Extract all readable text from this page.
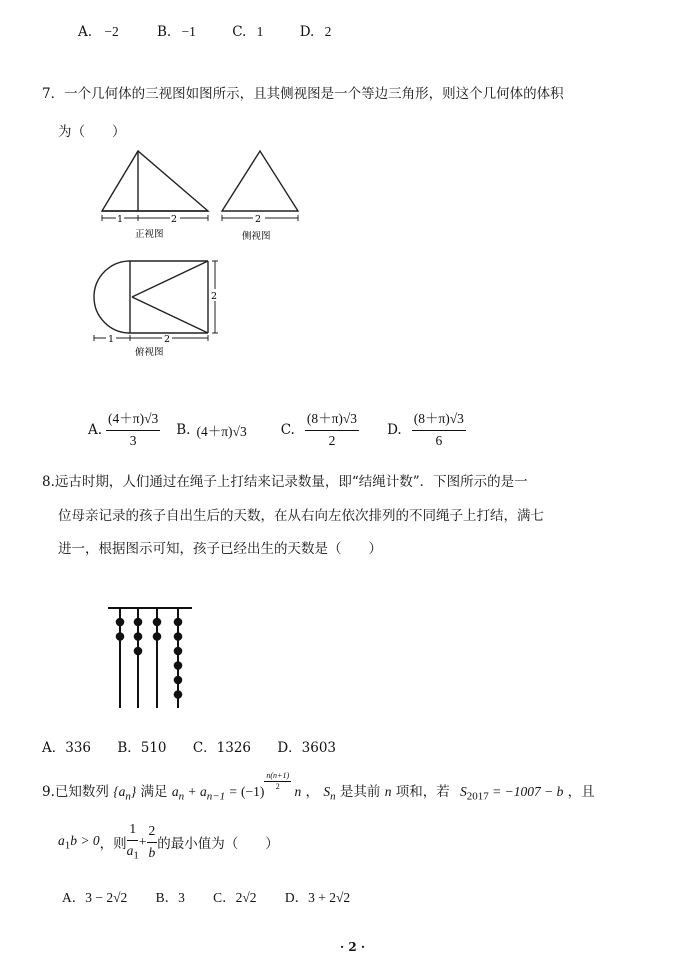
A. −2	B. −1	C. 1	D. 2
7．一个几何体的三视图如图所示，且其侧视图是一个等边三角形，则这个几何体的体积
为（　　）
1	2
正视图
2
侧视图
2
1	2
俯视图
A. $\frac{(4+\pi)√3}{3} B$. (4＋π)√3	C. $\frac{(8+\pi)√3}{2} D$. $\frac{(8+\pi)√3}{6}$
8.远古时期，人们通过在绳子上打结来记录数量，即“结绳计数”．下图所示的是一
位母亲记录的孩子自出生后的天数，在从右向左依次排列的不同绳子上打结，满七
进一，根据图示可知，孩子已经出生的天数是（　　）
A．336 B．510 C．1326 D．3603
9.已知数列 $\{a_n\}$ 满足 $a_n + a_{n-1} = (-1)$
$\frac{n(n+1)}{2}$
n ， $S_n$ 是其前 n 项和，若 $S_{2017} = -1007 - b$ ，且
$a_1b > 0$ ，则 $\frac{1}{a_1} + \frac{2}{b}$ 的最小值为（　　）
A．3 − 2√2 B．3 C．2√2 D．3 + 2√2
· 2 ·
